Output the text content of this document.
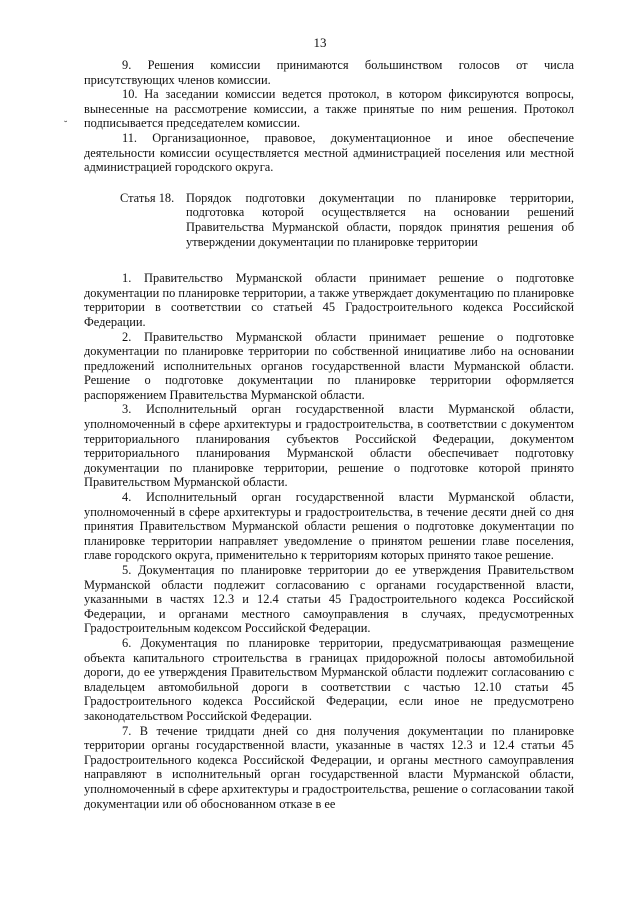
13
˘

9. Решения комиссии принимаются большинством голосов от числа присутствующих членов комиссии.

10. На заседании комиссии ведется протокол, в котором фиксируются вопросы, вынесенные на рассмотрение комиссии, а также принятые по ним решения. Протокол подписывается председателем комиссии.

11. Организационное, правовое, документационное и иное обеспечение деятельности комиссии осуществляется местной администрацией поселения или местной администрацией городского округа.

Статья 18. Порядок подготовки документации по планировке территории, подготовка которой осуществляется на основании решений Правительства Мурманской области, порядок принятия решения об утверждении документации по планировке территории

1. Правительство Мурманской области принимает решение о подготовке документации по планировке территории, а также утверждает документацию по планировке территории в соответствии со статьей 45 Градостроительного кодекса Российской Федерации.

2. Правительство Мурманской области принимает решение о подготовке документации по планировке территории по собственной инициативе либо на основании предложений исполнительных органов государственной власти Мурманской области. Решение о подготовке документации по планировке территории оформляется распоряжением Правительства Мурманской области.

3. Исполнительный орган государственной власти Мурманской области, уполномоченный в сфере архитектуры и градостроительства, в соответствии с документом территориального планирования субъектов Российской Федерации, документом территориального планирования Мурманской области обеспечивает подготовку документации по планировке территории, решение о подготовке которой принято Правительством Мурманской области.

4. Исполнительный орган государственной власти Мурманской области, уполномоченный в сфере архитектуры и градостроительства, в течение десяти дней со дня принятия Правительством Мурманской области решения о подготовке документации по планировке территории направляет уведомление о принятом решении главе поселения, главе городского округа, применительно к территориям которых принято такое решение.

5. Документация по планировке территории до ее утверждения Правительством Мурманской области подлежит согласованию с органами государственной власти, указанными в частях 12.3 и 12.4 статьи 45 Градостроительного кодекса Российской Федерации, и органами местного самоуправления в случаях, предусмотренных Градостроительным кодексом Российской Федерации.

6. Документация по планировке территории, предусматривающая размещение объекта капитального строительства в границах придорожной полосы автомобильной дороги, до ее утверждения Правительством Мурманской области подлежит согласованию с владельцем автомобильной дороги в соответствии с частью 12.10 статьи 45 Градостроительного кодекса Российской Федерации, если иное не предусмотрено законодательством Российской Федерации.

7. В течение тридцати дней со дня получения документации по планировке территории органы государственной власти, указанные в частях 12.3 и 12.4 статьи 45 Градостроительного кодекса Российской Федерации, и органы местного самоуправления направляют в исполнительный орган государственной власти Мурманской области, уполномоченный в сфере архитектуры и градостроительства, решение о согласовании такой документации или об обоснованном отказе в ее
